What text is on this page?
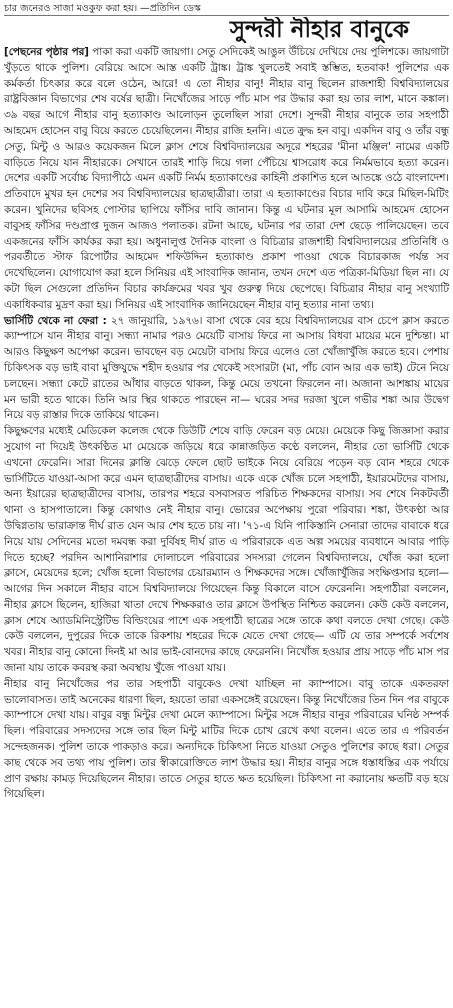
চার জনেরও সাজা মওকুফ করা হয়। —প্রতিদিন ডেস্ক
সুন্দরী নীহার বানুকে

[পেছনের পৃষ্ঠার পর] পাকা করা একটি জায়গা। সেতু সেদিকেই আঙুল উঁচিয়ে দেখিয়ে দেয় পুলিশকে। জায়গাটা খুঁড়তে থাকে পুলিশ। বেরিয়ে আসে আস্ত একটি ট্রাঙ্ক। ট্রাঙ্ক খুলতেই সবাই স্তম্ভিত, হতবাক! পুলিশের এক কর্মকর্তা চিৎকার করে বলে ওঠেন, আরে! এ তো নীহার বানু! নীহার বানু ছিলেন রাজশাহী বিশ্ববিদ্যালয়ের রাষ্ট্রবিজ্ঞান বিভাগের শেষ বর্ষের ছাত্রী। নিখোঁজের সাড়ে পাঁচ মাস পর উদ্ধার করা হয় তার লাশ, মানে কঙ্কাল। ৩৯ বছর আগে নীহার বানু হত্যাকাণ্ড আলোড়ন তুলেছিল সারা দেশে। সুন্দরী নীহার বানুকে তার সহপাঠী আহমেদ হোসেন বাবু বিয়ে করতে চেয়েছিলেন। নীহার রাজি হননি। এতে ক্রুদ্ধ হন বাবু। একদিন বাবু ও তাঁর বন্ধু সেতু, মিন্টু ও আরও কয়েকজন মিলে ক্লাস শেষে বিশ্ববিদ্যালয়ের অদূরে শহরের 'মীনা মঞ্জিল' নামের একটি বাড়িতে নিয়ে যান নীহারকে। সেখানে তারই শাড়ি দিয়ে গলা পেঁচিয়ে শ্বাসরোধ করে নির্মমভাবে হত্যা করেন। দেশের একটি সর্বোচ্চ বিদ্যাপীঠে এমন একটি নির্মম হত্যাকাণ্ডের কাহিনী প্রকাশিত হলে আতঙ্কে ওঠে বাংলাদেশ। প্রতিবাদে মুখর হন দেশের সব বিশ্ববিদ্যালয়ের ছাত্রছাত্রীরা। তারা এ হত্যাকাণ্ডের বিচার দাবি করে মিছিল-মিটিং করেন। খুনিদের ছবিসহ পোস্টার ছাপিয়ে ফাঁসির দাবি জানান। কিন্তু এ ঘটনার মূল আসামি আহমেদ হোসেন বাবুসহ ফাঁসির দণ্ডপ্রাপ্ত দুজন আজও পলাতক। রটনা আছে, ঘটনার পর তারা দেশ ছেড়ে পালিয়েছেন। তবে একজনের ফাঁসি কার্যকর করা হয়। অধুনালুপ্ত দৈনিক বাংলা ও বিচিত্রার রাজশাহী বিশ্ববিদ্যালয়ের প্রতিনিধি ও পরবর্তীতে স্টাফ রিপোর্টার আহমেদ শফিউদ্দিন হত্যাকাণ্ড প্রকাশ পাওয়া থেকে বিচারকাজ পর্যন্ত সব দেখেছিলেন। যোগাযোগ করা হলে সিনিয়র এই সাংবাদিক জানান, তখন দেশে এত পত্রিকা-মিডিয়া ছিল না। যে কটা ছিল সেগুলো প্রতিদিন বিচার কার্যক্রমের খবর খুব গুরুত্ব দিয়ে ছেপেছে। বিচিত্রার নীহার বানু সংখ্যাটি একাধিকবার মুদ্রণ করা হয়। সিনিয়র এই সাংবাদিক জানিয়েছেন নীহার বানু হত্যার নানা তথ্য।

ভার্সিটি থেকে না ফেরা : ২৭ জানুয়ারি, ১৯৭৬। বাসা থেকে বের হয়ে বিশ্ববিদ্যালয়ের বাস চেপে ক্লাস করতে ক্যাম্পাসে যান নীহার বানু। সন্ধ্যা নামার পরও মেয়েটি বাসায় ফিরে না আসায় বিধবা মায়ের মনে দুশ্চিন্তা। মা আরও কিছুক্ষণ অপেক্ষা করেন। ভাবছেন বড় মেয়েটা বাসায় ফিরে এলেও তো খোঁজাখুঁজি করতে হবে। পেশায় চিকিৎসক বড় ভাই বাবা মুক্তিযুদ্ধে শহীদ হওয়ার পর থেকেই সংসারটা (মা, পাঁচ বোন আর এক ভাই) টেনে নিয়ে চলছেন। সন্ধ্যা কেটে রাতের আঁধার বাড়তে থাকল, কিন্তু মেয়ে তখনো ফিরলেন না। অজানা আশঙ্কায় মায়ের মন ভারী হতে থাকে। তিনি আর স্থির থাকতে পারছেন না— ঘরের সদর দরজা খুলে গভীর শঙ্কা আর উদ্বেগ নিয়ে বড় রাস্তার দিকে তাকিয়ে থাকেন।

কিছুক্ষণের মধ্যেই মেডিকেল কলেজ থেকে ডিউটি শেষে বাড়ি ফেরেন বড় মেয়ে। মেয়েকে কিছু জিজ্ঞাসা করার সুযোগ না দিয়েই উৎকণ্ঠিত মা মেয়েকে জড়িয়ে ধরে কান্নাজড়িত কণ্ঠে বললেন, নীহার তো ভার্সিটি থেকে এখনো ফেরেনি। সারা দিনের ক্লান্তি ঝেড়ে ফেলে ছোট ভাইকে নিয়ে বেরিয়ে পড়েন বড় বোন শহরে থেকে ভার্সিটিতে যাওয়া-আসা করে এমন ছাত্রছাত্রীদের বাসায়। একে একে খোঁজ চলে সহপাঠী, ইয়ারমেটদের বাসায়, অন্য ইয়ারের ছাত্রছাত্রীদের বাসায়, তারপর শহরে বসবাসরত পরিচিত শিক্ষকদের বাসায়। সব শেষে নিকটবর্তী থানা ও হাসপাতালে। কিন্তু কোথাও নেই নীহার বানু। ভোরের অপেক্ষায় পুরো পরিবার। শঙ্কা, উৎকণ্ঠা আর উদ্বিগ্নতায় ভারাক্রান্ত দীর্ঘ রাত যেন আর শেষ হতে চায় না। '৭১-এ যিনি পাকিস্তানি সেনারা তাদের বাবাকে ধরে নিয়ে যায় সেদিনের মতো দমবন্ধ করা দুর্বিষহ দীর্ঘ রাত এ পরিবারকে এত অল্প সময়ের ব্যবধানে আবার পাড়ি দিতে হচ্ছে? পরদিন আশানিরাশার দোলাচলে পরিবারের সদস্যরা গেলেন বিশ্ববিদ্যালয়ে, খোঁজ করা হলো ক্লাসে, মেয়েদের হলে; খোঁজ হলো বিভাগের চেয়ারম্যান ও শিক্ষকদের সঙ্গে। খোঁজাখুঁজির সংক্ষিপ্তসার হলো— আগের দিন সকালে নীহার বাসে বিশ্ববিদ্যালয়ে গিয়েছেন কিন্তু বিকালে বাসে ফেরেননি। সহপাঠীরা বললেন, নীহার ক্লাসে ছিলেন, হাজিরা খাতা দেখে শিক্ষকরাও তার ক্লাসে উপস্থিত নিশ্চিত করলেন। কেউ কেউ বললেন, ক্লাস শেষে অ্যাডমিনিস্ট্রেটিভ বিল্ডিংয়ের পাশে এক সহপাঠী ছাত্রের সঙ্গে তাকে কথা বলতে দেখা গেছে। কেউ কেউ বললেন, দুপুরের দিকে তাকে রিকশায় শহরের দিকে যেতে দেখা গেছে— এটি যে তার সম্পর্কে সর্বশেষ খবর। নীহার বানু কোনো দিনই মা আর ভাই-বোনদের কাছে ফেরেননি। নিখোঁজ হওয়ার প্রায় সাড়ে পাঁচ মাস পর জানা যায় তাকে কবরস্থ করা অবস্থায় খুঁজে পাওয়া যায়।

নীহার বানু নিখোঁজের পর তার সহপাঠী বাবুকেও দেখা যাচ্ছিল না ক্যাম্পাসে। বাবু তাকে একতরফা ভালোবাসত। তাই অনেকের ধারণা ছিল, হয়তো তারা একসঙ্গেই রয়েছেন। কিন্তু নিখোঁজের তিন দিন পর বাবুকে ক্যাম্পাসে দেখা যায়। বাবুর বন্ধু মিন্টুর দেখা মেলে ক্যাম্পাসে। মিন্টুর সঙ্গে নীহার বানুর পরিবারের ঘনিষ্ঠ সম্পর্ক ছিল। পরিবারের সদস্যদের সঙ্গে তার ছিল মিন্টু মাটির দিকে চোখ রেখে কথা বলেন। এতে তার এ পরিবর্তন সন্দেহজনক। পুলিশ তাকে পাকড়াও করে। অন্যদিকে চিকিৎসা নিতে যাওয়া সেতুও পুলিশের কাছে ধরা। সেতুর কাছ থেকে সব তথ্য পায় পুলিশ। তার স্বীকারোক্তিতে লাশ উদ্ধার হয়। নীহার বানুর সঙ্গে ধস্তাধস্তির এক পর্যায়ে প্রাণ রক্ষায় কামড় দিয়েছিলেন নীহার। তাতে সেতুর হাতে ক্ষত হয়েছিল। চিকিৎসা না করানোয় ক্ষতটি বড় হয়ে গিয়েছিল।
